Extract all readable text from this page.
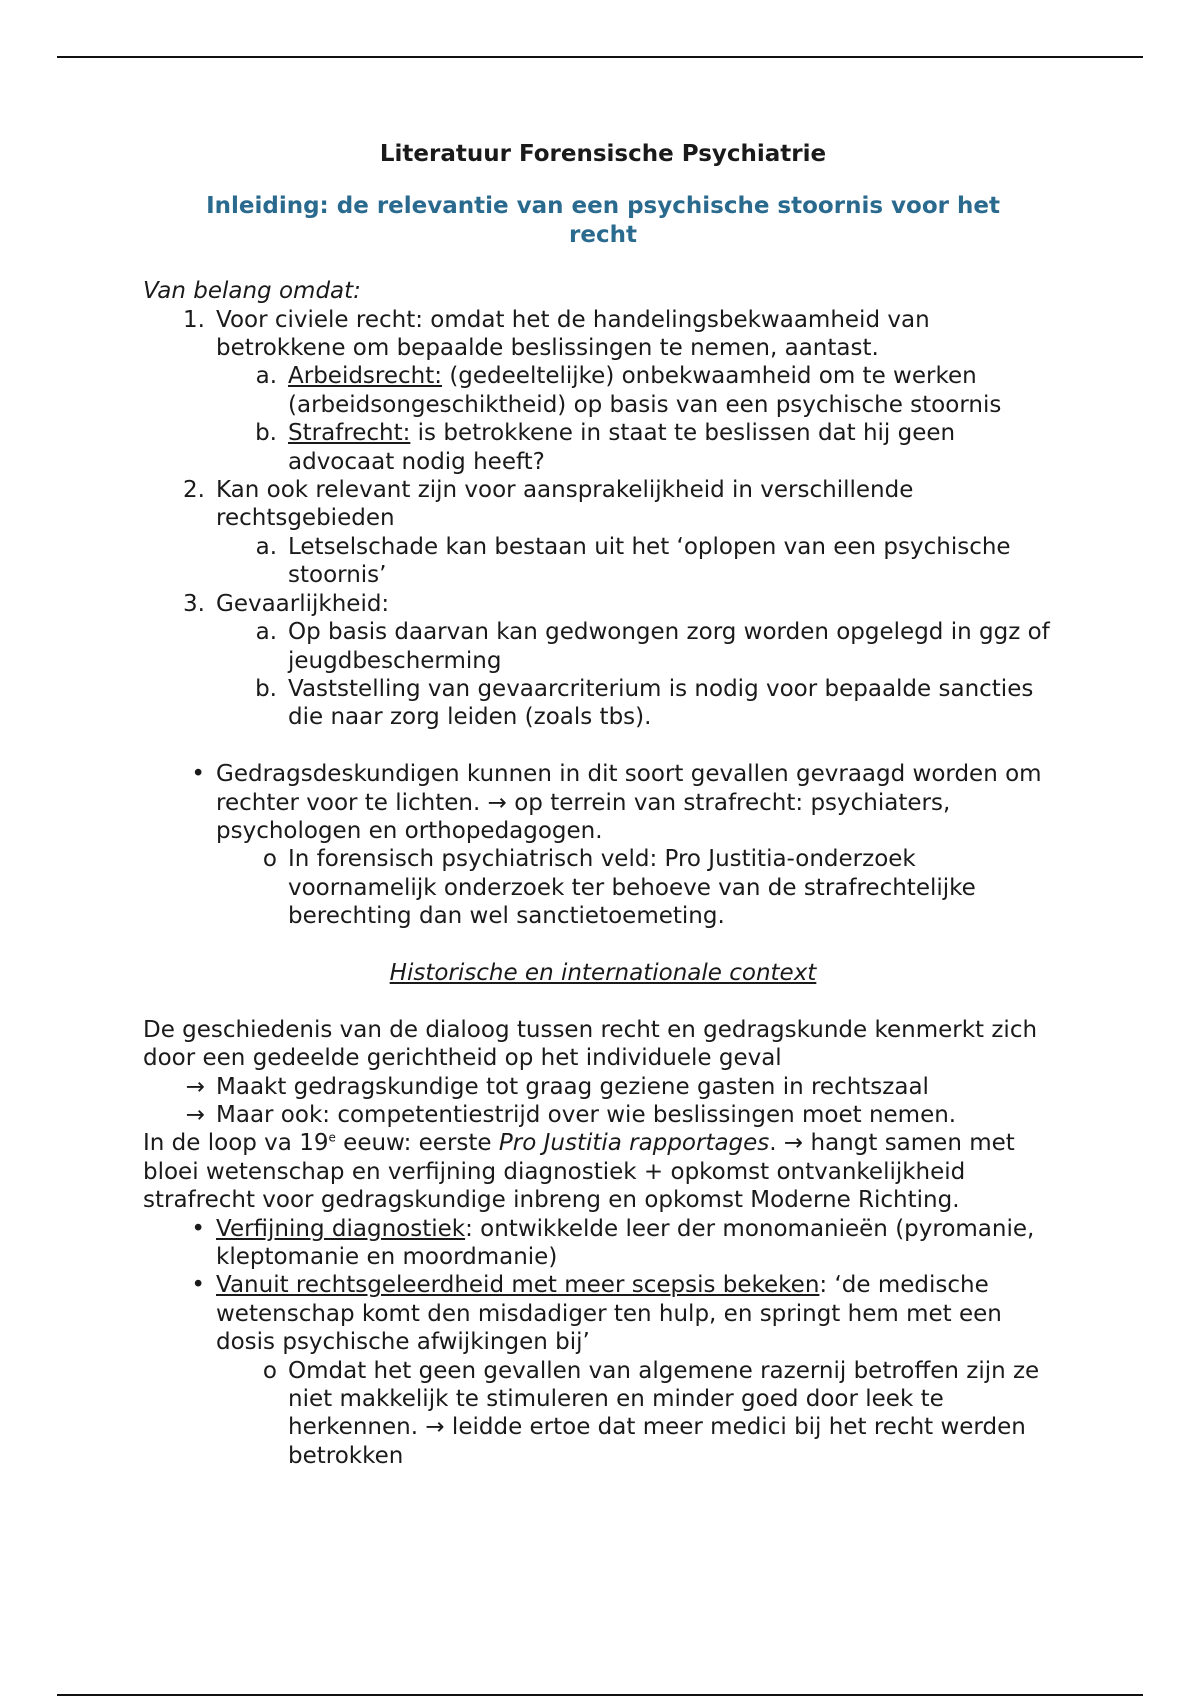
Literatuur Forensische Psychiatrie

Inleiding: de relevantie van een psychische stoornis voor het recht

Van belang omdat:

1. Voor civiele recht: omdat het de handelingsbekwaamheid van betrokkene om bepaalde beslissingen te nemen, aantast.
a. Arbeidsrecht: (gedeeltelijke) onbekwaamheid om te werken (arbeidsongeschiktheid) op basis van een psychische stoornis
b. Strafrecht: is betrokkene in staat te beslissen dat hij geen advocaat nodig heeft?
2. Kan ook relevant zijn voor aansprakelijkheid in verschillende rechtsgebieden
a. Letselschade kan bestaan uit het ‘oplopen van een psychische stoornis’
3. Gevaarlijkheid:
a. Op basis daarvan kan gedwongen zorg worden opgelegd in ggz of jeugdbescherming
b. Vaststelling van gevaarcriterium is nodig voor bepaalde sancties die naar zorg leiden (zoals tbs).
• Gedragsdeskundigen kunnen in dit soort gevallen gevraagd worden om rechter voor te lichten. → op terrein van strafrecht: psychiaters, psychologen en orthopedagogen.
o In forensisch psychiatrisch veld: Pro Justitia-onderzoek voornamelijk onderzoek ter behoeve van de strafrechtelijke berechting dan wel sanctietoemeting.

Historische en internationale context

De geschiedenis van de dialoog tussen recht en gedragskunde kenmerkt zich door een gedeelde gerichtheid op het individuele geval

→ Maakt gedragskundige tot graag geziene gasten in rechtszaal
→ Maar ook: competentiestrijd over wie beslissingen moet nemen.

In de loop va 19e eeuw: eerste Pro Justitia rapportages. → hangt samen met bloei wetenschap en verfijning diagnostiek + opkomst ontvankelijkheid strafrecht voor gedragskundige inbreng en opkomst Moderne Richting.

• Verfijning diagnostiek: ontwikkelde leer der monomanieën (pyromanie, kleptomanie en moordmanie)
• Vanuit rechtsgeleerdheid met meer scepsis bekeken: ‘de medische wetenschap komt den misdadiger ten hulp, en springt hem met een dosis psychische afwijkingen bij’
o Omdat het geen gevallen van algemene razernij betroffen zijn ze niet makkelijk te stimuleren en minder goed door leek te herkennen. → leidde ertoe dat meer medici bij het recht werden betrokken
